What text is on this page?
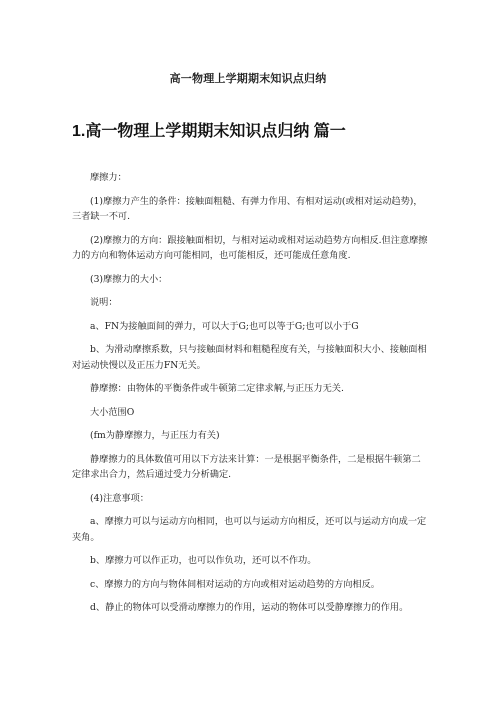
高一物理上学期期末知识点归纳
1.高一物理上学期期末知识点归纳 篇一

摩擦力：

(1)摩擦力产生的条件：接触面粗糙、有弹力作用、有相对运动(或相对运动趋势)，三者缺一不可.

(2)摩擦力的方向：跟接触面相切，与相对运动或相对运动趋势方向相反.但注意摩擦力的方向和物体运动方向可能相同，也可能相反，还可能成任意角度.

(3)摩擦力的大小：

说明：

a、FN为接触面间的弹力，可以大于G;也可以等于G;也可以小于G

b、为滑动摩擦系数，只与接触面材料和粗糙程度有关，与接触面积大小、接触面相对运动快慢以及正压力FN无关。

静摩擦：由物体的平衡条件或牛顿第二定律求解,与正压力无关.

大小范围O

(fm为静摩擦力，与正压力有关)

静摩擦力的具体数值可用以下方法来计算：一是根据平衡条件，二是根据牛顿第二定律求出合力，然后通过受力分析确定.

(4)注意事项：

a、摩擦力可以与运动方向相同，也可以与运动方向相反，还可以与运动方向成一定夹角。

b、摩擦力可以作正功，也可以作负功，还可以不作功。

c、摩擦力的方向与物体间相对运动的方向或相对运动趋势的方向相反。

d、静止的物体可以受滑动摩擦力的作用，运动的物体可以受静摩擦力的作用。
